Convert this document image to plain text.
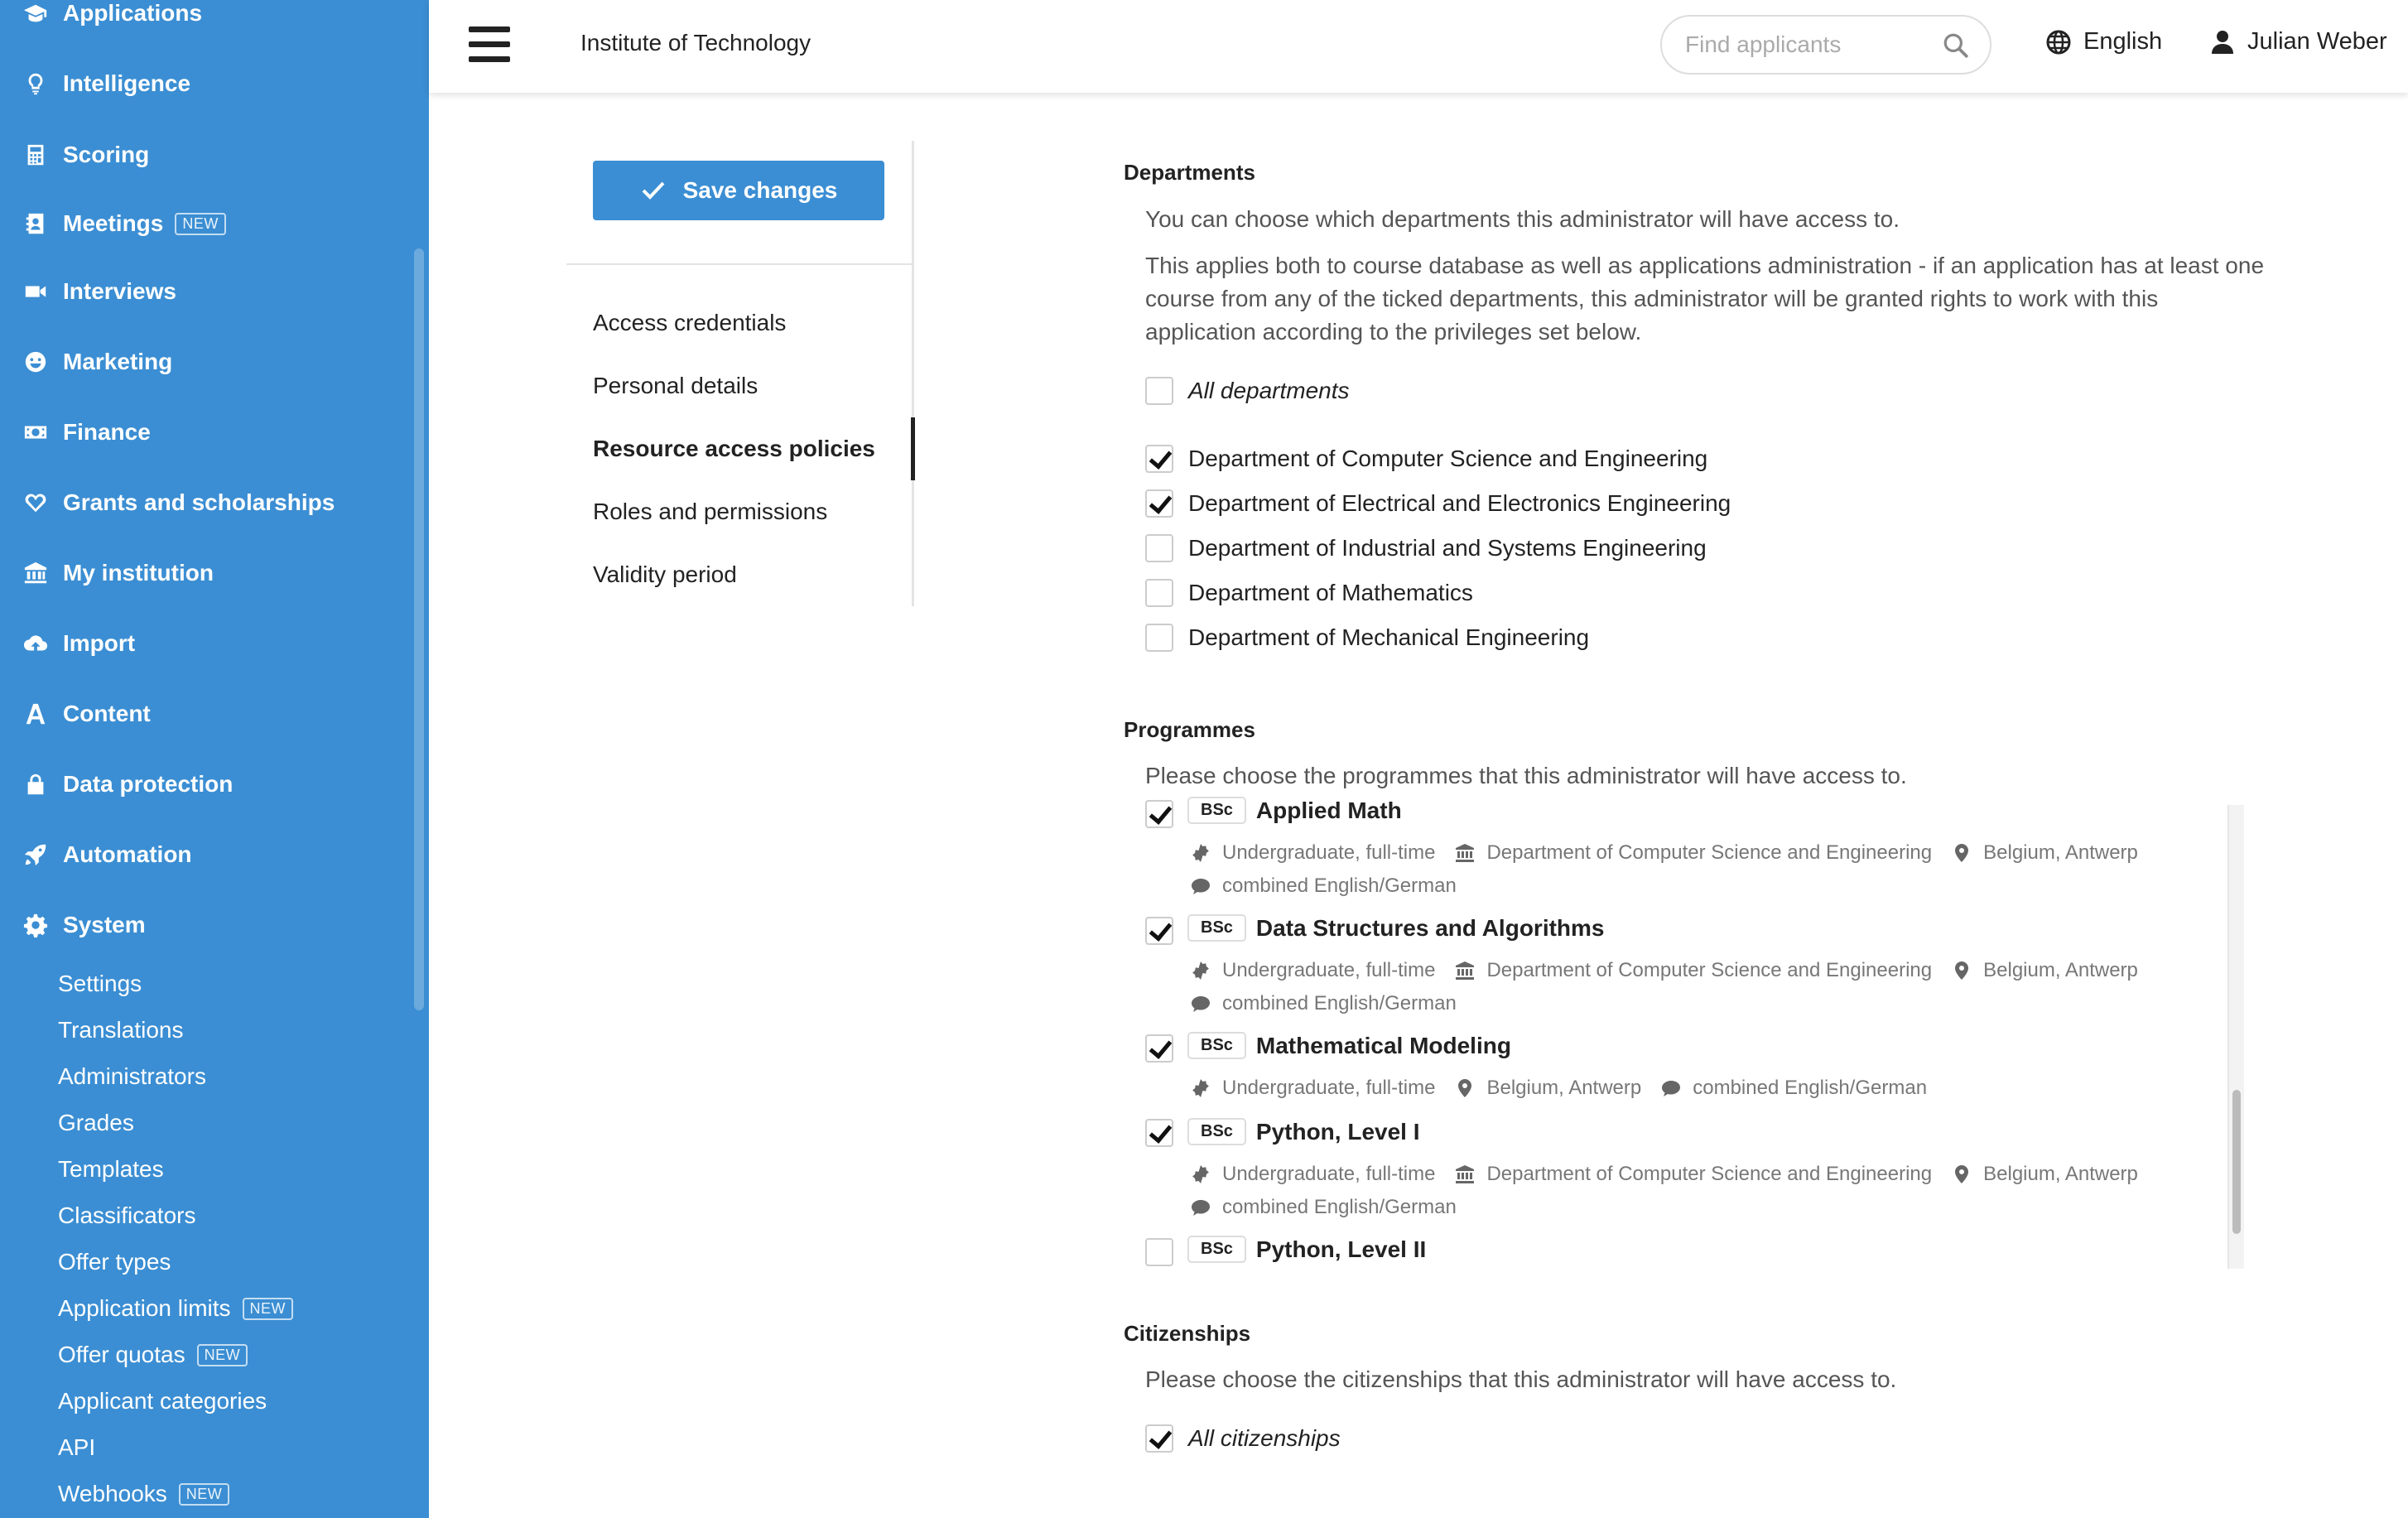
Applications
Intelligence
Scoring
Meetings	NEW
Interviews
Marketing
Finance
Grants and scholarships
My institution
Import
Content
Data protection
Automation
System
Settings
Translations
Administrators
Grades
Templates
Classificators
Offer types
Application limits	NEW
Offer quotas	NEW
Applicant categories
API
Webhooks	NEW
Institute of Technology
Find applicants	English	Julian Weber
Save changes
Access credentials
Personal details
Resource access policies
Roles and permissions
Validity period
Departments
You can choose which departments this administrator will have access to.
This applies both to course database as well as applications administration - if an application has at least one
course from any of the ticked departments, this administrator will be granted rights to work with this
application according to the privileges set below.
All departments
Department of Computer Science and Engineering
Department of Electrical and Electronics Engineering
Department of Industrial and Systems Engineering
Department of Mathematics
Department of Mechanical Engineering
Programmes
Please choose the programmes that this administrator will have access to.
BSc	Applied Math
Undergraduate, full-time	Department of Computer Science and Engineering	Belgium, Antwerp
combined English/German
BSc	Data Structures and Algorithms
Undergraduate, full-time	Department of Computer Science and Engineering	Belgium, Antwerp
combined English/German
BSc	Mathematical Modeling
Undergraduate, full-time	Belgium, Antwerp	combined English/German
BSc	Python, Level I
Undergraduate, full-time	Department of Computer Science and Engineering	Belgium, Antwerp
combined English/German
BSc	Python, Level II
Citizenships
Please choose the citizenships that this administrator will have access to.
All citizenships
